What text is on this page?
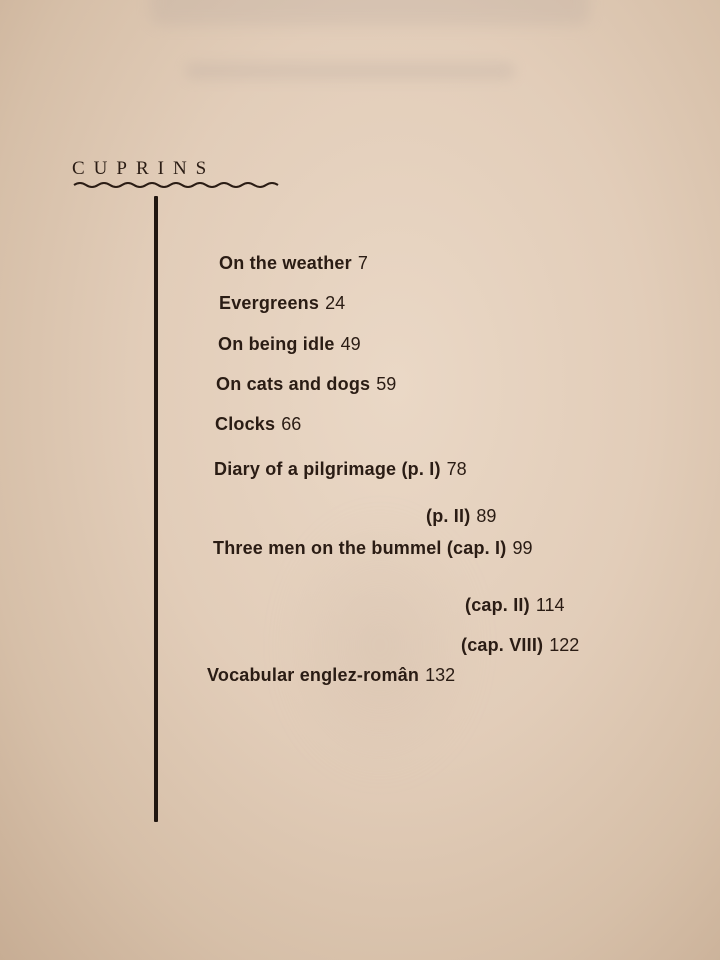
CUPRINS
On the weather 7
Evergreens 24
On being idle 49
On cats and dogs 59
Clocks 66
Diary of a pilgrimage (p. I) 78
(p. II) 89
Three men on the bummel (cap. I) 99
(cap. II) 114
(cap. VIII) 122
Vocabular englez-român 132
